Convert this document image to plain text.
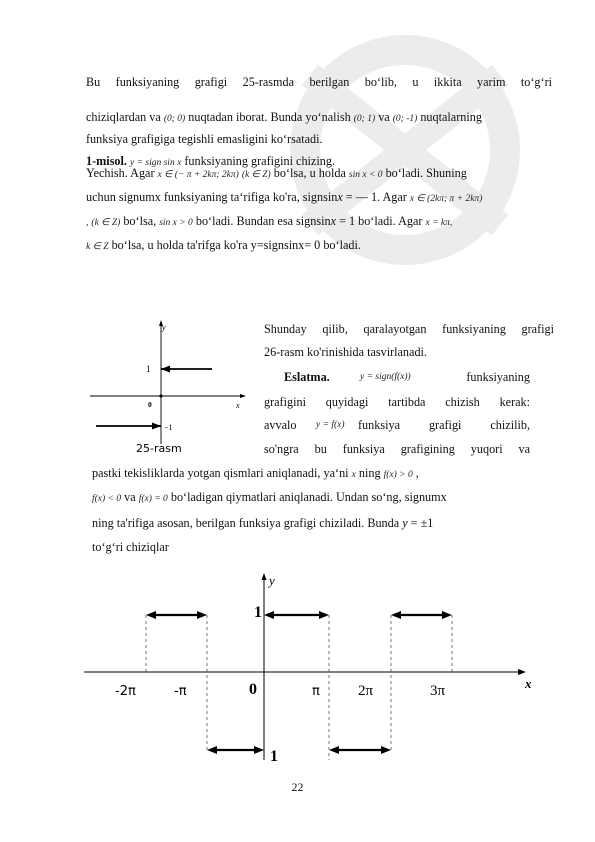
Bu funksiyaning grafigi 25-rasmda berilgan bo‘lib, u ikkita yarim to‘g‘ri
chiziqlardan va (0; 0) nuqtadan iborat. Bunda yo‘nalish (0; 1) va (0; -1) nuqtalarning
funksiya grafigiga tegishli emasligini ko‘rsatadi.
1-misol. y = sign sin x funksiyaning grafigini chizing.
Yechish. Agar x ∈ (− π + 2kπ; 2kπ) (k ∈ Z) bo‘lsa, u holda sin x < 0 bo‘ladi. Shuning
uchun signumx funksiyaning ta‘rifiga ko'ra, signsinx = — 1. Agar x ∈ (2kπ; π + 2kπ)
, (k ∈ Z) bo‘lsa, sin x > 0 bo‘ladi. Bundan esa signsinx = 1 bo‘ladi. Agar x = kπ,
k ∈ Z bo‘lsa, u holda ta'rifga ko'ra y=signsinx= 0 bo‘ladi.
y
x
1
0
−1
25-rasm
Shunday qilib, qaralayotgan funksiyaning grafigi
26-rasm ko'rinishida tasvirlanadi.
Eslatma.	y = sign(f(x))	funksiyaning
grafigini quyidagi tartibda chizish kerak:
avvalo y = f(x) funksiya grafigi chizilib,
so'ngra bu funksiya grafigining yuqori va
pastki tekisliklarda yotgan qismlari aniqlanadi, ya‘ni x ning f(x) > 0 ,
f(x) < 0 va f(x) = 0 bo‘ladigan qiymatlari aniqlanadi. Undan so‘ng, signumx
ning ta'rifiga asosan, berilgan funksiya grafigi chiziladi. Bunda y = ±1
to‘g‘ri chiziqlar
y
x
1
1
0
-2π	-π	π	2π	3π
22
